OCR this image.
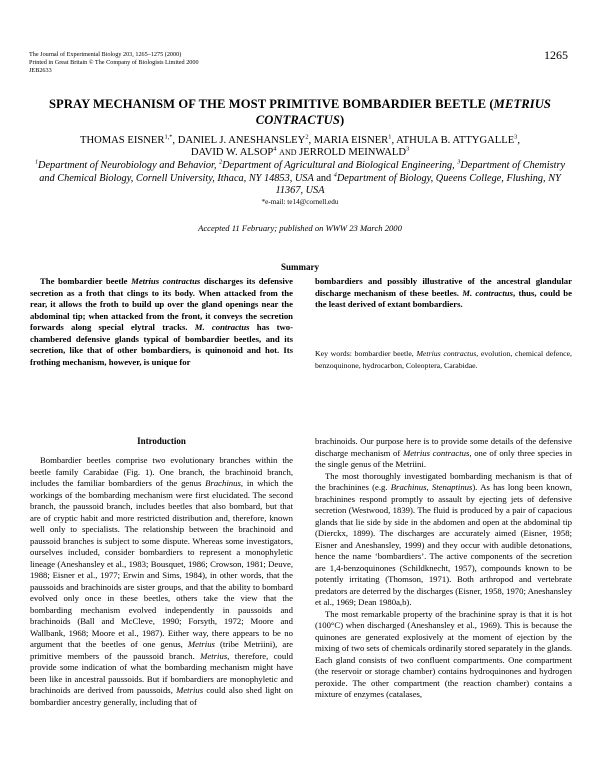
The Journal of Experimental Biology 203, 1265–1275 (2000)
Printed in Great Britain © The Company of Biologists Limited 2000
JEB2633
1265
SPRAY MECHANISM OF THE MOST PRIMITIVE BOMBARDIER BEETLE (METRIUS CONTRACTUS)
THOMAS $EISNER^{1,*}$, DANIEL J. ANESHANSLEY$^2$, MARIA EISNER$^1$, ATHULA B. ATTYGALLE$^3$,
DAVID W. ALSOP$^4$ AND JERROLD MEINWALD$^3$
$^1$Department of Neurobiology and Behavior, $^2$Department of Agricultural and Biological Engineering, $^3$Department of Chemistry and Chemical Biology, Cornell University, Ithaca, NY 14853, USA and $^4$Department of Biology, Queens College, Flushing, NY 11367, USA
*e-mail: te14@cornell.edu
Accepted 11 February; published on WWW 23 March 2000
Summary
The bombardier beetle Metrius contractus discharges its defensive secretion as a froth that clings to its body. When attacked from the rear, it allows the froth to build up over the gland openings near the abdominal tip; when attacked from the front, it conveys the secretion forwards along special elytral tracks. M. contractus has two-chambered defensive glands typical of bombardier beetles, and its secretion, like that of other bombardiers, is quinonoid and hot. Its frothing mechanism, however, is unique for
bombardiers and possibly illustrative of the ancestral glandular discharge mechanism of these beetles. M. contractus, thus, could be the least derived of extant bombardiers.
Key words: bombardier beetle, Metrius contractus, evolution, chemical defence, benzoquinone, hydrocarbon, Coleoptera, Carabidae.
Introduction

Bombardier beetles comprise two evolutionary branches within the beetle family Carabidae (Fig. 1). One branch, the brachinoid branch, includes the familiar bombardiers of the genus Brachinus, in which the workings of the bombarding mechanism were first elucidated. The second branch, the paussoid branch, includes beetles that also bombard, but that are of cryptic habit and more restricted distribution and, therefore, known well only to specialists. The relationship between the brachinoid and paussoid branches is subject to some dispute. Whereas some investigators, ourselves included, consider bombardiers to represent a monophyletic lineage (Aneshansley et al., 1983; Bousquet, 1986; Crowson, 1981; Deuve, 1988; Eisner et al., 1977; Erwin and Sims, 1984), in other words, that the paussoids and brachinoids are sister groups, and that the ability to bombard evolved only once in these beetles, others take the view that the bombarding mechanism evolved independently in paussoids and brachinoids (Ball and McCleve, 1990; Forsyth, 1972; Moore and Wallbank, 1968; Moore et al., 1987). Either way, there appears to be no argument that the beetles of one genus, Metrius (tribe Metriini), are primitive members of the paussoid branch. Metrius, therefore, could provide some indication of what the bombarding mechanism might have been like in ancestral paussoids. But if bombardiers are monophyletic and brachinoids are derived from paussoids, Metrius could also shed light on bombardier ancestry generally, including that of

brachinoids. Our purpose here is to provide some details of the defensive discharge mechanism of Metrius contractus, one of only three species in the single genus of the Metriini.

The most thoroughly investigated bombarding mechanism is that of the brachinines (e.g. Brachinus, Stenaptinus). As has long been known, brachinines respond promptly to assault by ejecting jets of defensive secretion (Westwood, 1839). The fluid is produced by a pair of capacious glands that lie side by side in the abdomen and open at the abdominal tip (Dierckx, 1899). The discharges are accurately aimed (Eisner, 1958; Eisner and Aneshansley, 1999) and they occur with audible detonations, hence the name ‘bombardiers’. The active components of the secretion are 1,4-benzoquinones (Schildknecht, 1957), compounds known to be potently irritating (Thomson, 1971). Both arthropod and vertebrate predators are deterred by the discharges (Eisner, 1958, 1970; Aneshansley et al., 1969; Dean 1980a,b).

The most remarkable property of the brachinine spray is that it is hot (100°C) when discharged (Aneshansley et al., 1969). This is because the quinones are generated explosively at the moment of ejection by the mixing of two sets of chemicals ordinarily stored separately in the glands. Each gland consists of two confluent compartments. One compartment (the reservoir or storage chamber) contains hydroquinones and hydrogen peroxide. The other compartment (the reaction chamber) contains a mixture of enzymes (catalases,
